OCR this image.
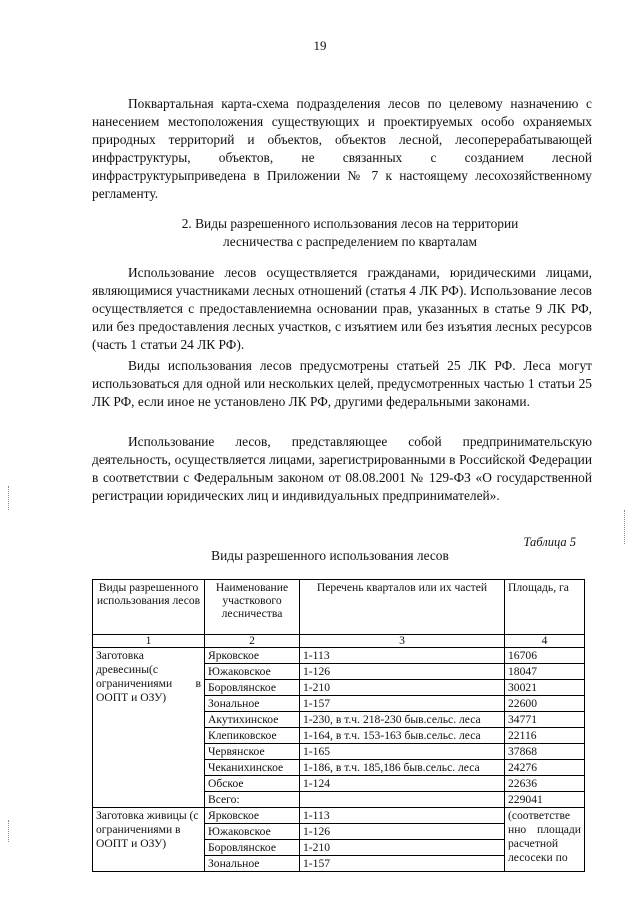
19

Поквартальная карта-схема подразделения лесов по целевому назначению с нанесением местоположения существующих и проектируемых особо охраняемых природных территорий и объектов, объектов лесной, лесоперерабатывающей инфраструктуры, объектов, не связанных с созданием лесной инфраструктурыприведена в Приложении № 7 к настоящему лесохозяйственному регламенту.

2. Виды разрешенного использования лесов на территории
лесничества с распределением по кварталам

Использование лесов осуществляется гражданами, юридическими лицами, являющимися участниками лесных отношений (статья 4 ЛК РФ). Использование лесов осуществляется с предоставлениемна основании прав, указанных в статье 9 ЛК РФ, или без предоставления лесных участков, с изъятием или без изъятия лесных ресурсов (часть 1 статьи 24 ЛК РФ).

Виды использования лесов предусмотрены статьей 25 ЛК РФ. Леса могут использоваться для одной или нескольких целей, предусмотренных частью 1 статьи 25 ЛК РФ, если иное не установлено ЛК РФ, другими федеральными законами.

Использование лесов, представляющее собой предпринимательскую деятельность, осуществляется лицами, зарегистрированными в Российской Федерации в соответствии с Федеральным законом от 08.08.2001 № 129-ФЗ «О государственной регистрации юридических лиц и индивидуальных предпринимателей».

Таблица 5
Виды разрешенного использования лесов
Виды разрешенного использования лесов	Наименование участкового лесничества	Перечень кварталов или их частей	Площадь, га
1	2	3	4
Заготовка древесины(с ограничениями в ООПТ и ОЗУ)	Ярковское	1-113	16706
	Южаковское	1-126	18047
	Боровлянское	1-210	30021
	Зональное	1-157	22600
	Акутихинское	1-230, в т.ч. 218-230 быв.сельс. леса	34771
	Клепиковское	1-164, в т.ч. 153-163 быв.сельс. леса	22116
	Червянское	1-165	37868
	Чеканихинское	1-186, в т.ч. 185,186 быв.сельс. леса	24276
	Обское	1-124	22636
	Всего:		229041
Заготовка живицы (с ограничениями в ООПТ и ОЗУ)	Ярковское	1-113	(соответстве нно площади расчетной лесосеки по
	Южаковское	1-126	
	Боровлянское	1-210	
	Зональное	1-157	
